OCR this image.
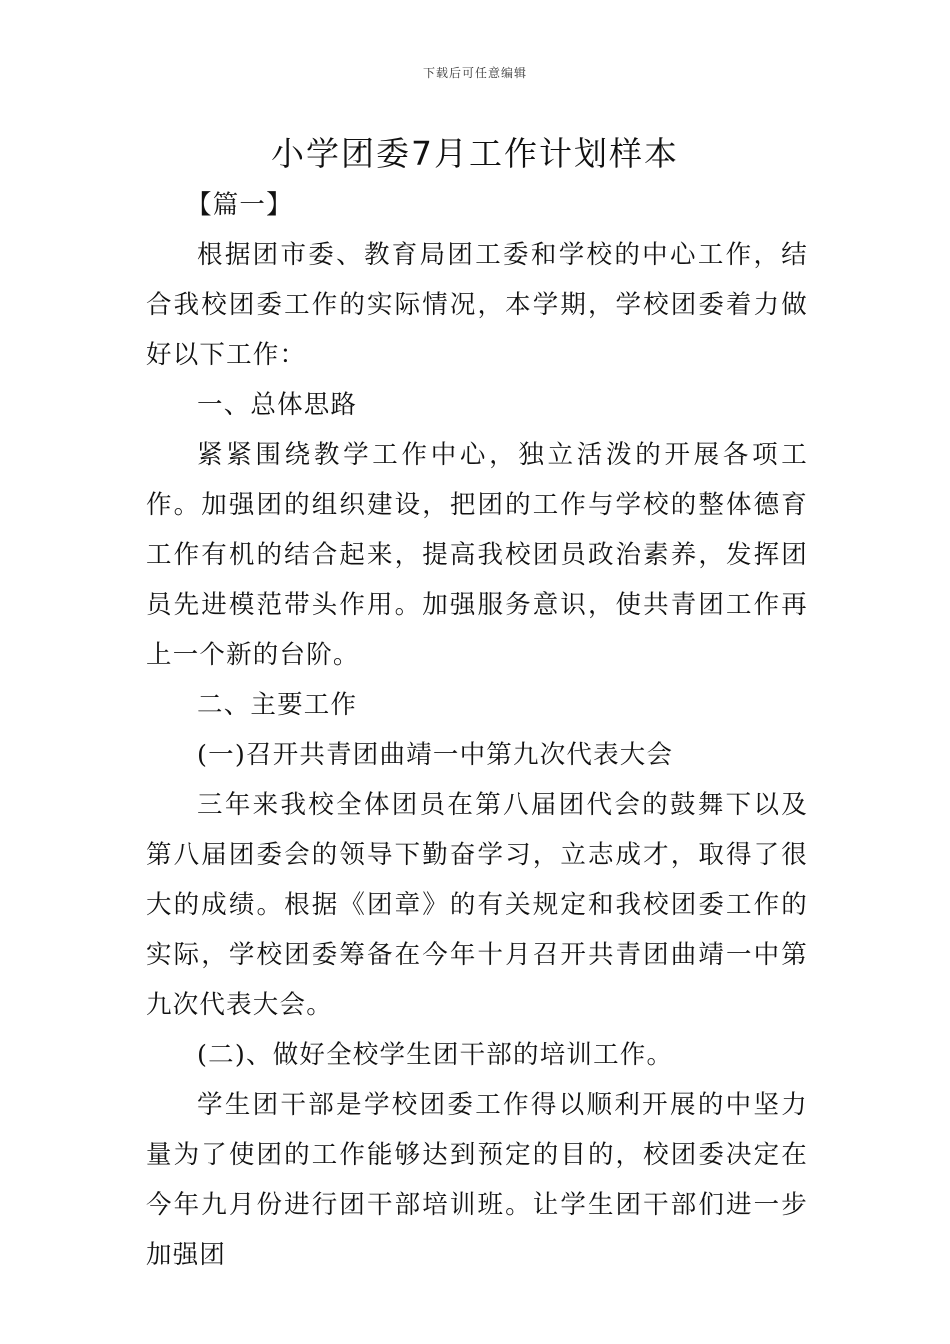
下载后可任意编辑
小学团委7月工作计划样本

【篇一】

根据团市委、教育局团工委和学校的中心工作，结合我校团委工作的实际情况，本学期，学校团委着力做好以下工作：

一、总体思路

紧紧围绕教学工作中心，独立活泼的开展各项工作。加强团的组织建设，把团的工作与学校的整体德育工作有机的结合起来，提高我校团员政治素养，发挥团员先进模范带头作用。加强服务意识，使共青团工作再上一个新的台阶。

二、主要工作

(一)召开共青团曲靖一中第九次代表大会

三年来我校全体团员在第八届团代会的鼓舞下以及第八届团委会的领导下勤奋学习，立志成才，取得了很大的成绩。根据《团章》的有关规定和我校团委工作的实际，学校团委筹备在今年十月召开共青团曲靖一中第九次代表大会。

(二)、做好全校学生团干部的培训工作。

学生团干部是学校团委工作得以顺利开展的中坚力量为了使团的工作能够达到预定的目的，校团委决定在今年九月份进行团干部培训班。让学生团干部们进一步加强团
